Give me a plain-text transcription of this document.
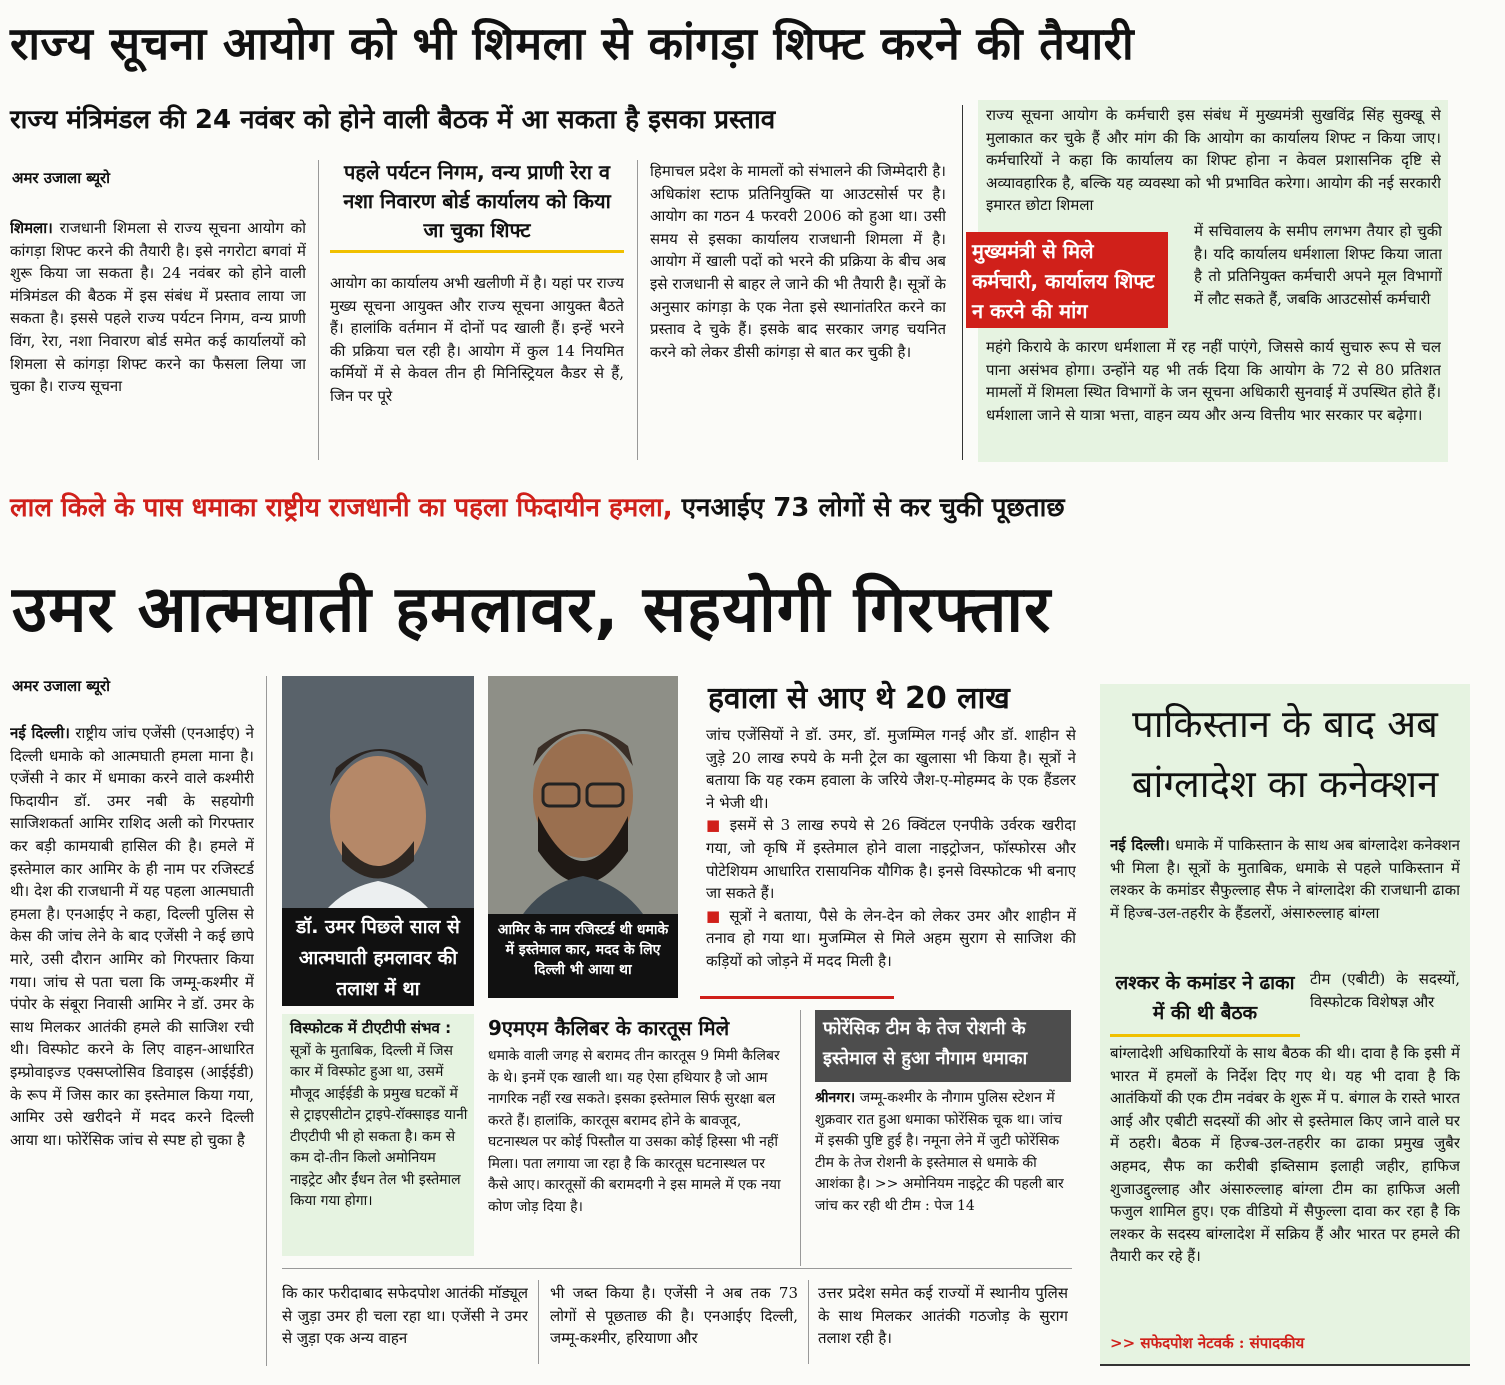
राज्य सूचना आयोग को भी शिमला से कांगड़ा शिफ्ट करने की तैयारी
राज्य मंत्रिमंडल की 24 नवंबर को होने वाली बैठक में आ सकता है इसका प्रस्ताव
अमर उजाला ब्यूरो
शिमला। राजधानी शिमला से राज्य सूचना आयोग को कांगड़ा शिफ्ट करने की तैयारी है। इसे नगरोटा बगवां में शुरू किया जा सकता है। 24 नवंबर को होने वाली मंत्रिमंडल की बैठक में इस संबंध में प्रस्ताव लाया जा सकता है। इससे पहले राज्य पर्यटन निगम, वन्य प्राणी विंग, रेरा, नशा निवारण बोर्ड समेत कई कार्यालयों को शिमला से कांगड़ा शिफ्ट करने का फैसला लिया जा चुका है। राज्य सूचना
पहले पर्यटन निगम, वन्य प्राणी रेरा व नशा निवारण बोर्ड कार्यालय को किया जा चुका शिफ्ट
आयोग का कार्यालय अभी खलीणी में है। यहां पर राज्य मुख्य सूचना आयुक्त और राज्य सूचना आयुक्त बैठते हैं। हालांकि वर्तमान में दोनों पद खाली हैं। इन्हें भरने की प्रक्रिया चल रही है। आयोग में कुल 14 नियमित कर्मियों में से केवल तीन ही मिनिस्ट्रियल कैडर से हैं, जिन पर पूरे
हिमाचल प्रदेश के मामलों को संभालने की जिम्मेदारी है। अधिकांश स्टाफ प्रतिनियुक्ति या आउटसोर्स पर है। आयोग का गठन 4 फरवरी 2006 को हुआ था। उसी समय से इसका कार्यालय राजधानी शिमला में है। आयोग में खाली पदों को भरने की प्रक्रिया के बीच अब इसे राजधानी से बाहर ले जाने की भी तैयारी है। सूत्रों के अनुसार कांगड़ा के एक नेता इसे स्थानांतरित करने का प्रस्ताव दे चुके हैं। इसके बाद सरकार जगह चयनित करने को लेकर डीसी कांगड़ा से बात कर चुकी है।
राज्य सूचना आयोग के कर्मचारी इस संबंध में मुख्यमंत्री सुखविंद्र सिंह सुक्खू से मुलाकात कर चुके हैं और मांग की कि आयोग का कार्यालय शिफ्ट न किया जाए। कर्मचारियों ने कहा कि कार्यालय का शिफ्ट होना न केवल प्रशासनिक दृष्टि से अव्यावहारिक है, बल्कि यह व्यवस्था को भी प्रभावित करेगा। आयोग की नई सरकारी इमारत छोटा शिमला
मुख्यमंत्री से मिले कर्मचारी, कार्यालय शिफ्ट न करने की मांग
में सचिवालय के समीप लगभग तैयार हो चुकी है। यदि कार्यालय धर्मशाला शिफ्ट किया जाता है तो प्रतिनियुक्त कर्मचारी अपने मूल विभागों में लौट सकते हैं, जबकि आउटसोर्स कर्मचारी
महंगे किराये के कारण धर्मशाला में रह नहीं पाएंगे, जिससे कार्य सुचारु रूप से चल पाना असंभव होगा। उन्होंने यह भी तर्क दिया कि आयोग के 72 से 80 प्रतिशत मामलों में शिमला स्थित विभागों के जन सूचना अधिकारी सुनवाई में उपस्थित होते हैं। धर्मशाला जाने से यात्रा भत्ता, वाहन व्यय और अन्य वित्तीय भार सरकार पर बढ़ेगा।
लाल किले के पास धमाका राष्ट्रीय राजधानी का पहला फिदायीन हमला, एनआईए 73 लोगों से कर चुकी पूछताछ
उमर आत्मघाती हमलावर, सहयोगी गिरफ्तार
अमर उजाला ब्यूरो
नई दिल्ली। राष्ट्रीय जांच एजेंसी (एनआईए) ने दिल्ली धमाके को आत्मघाती हमला माना है। एजेंसी ने कार में धमाका करने वाले कश्मीरी फिदायीन डॉ. उमर नबी के सहयोगी साजिशकर्ता आमिर राशिद अली को गिरफ्तार कर बड़ी कामयाबी हासिल की है। हमले में इस्तेमाल कार आमिर के ही नाम पर रजिस्टर्ड थी। देश की राजधानी में यह पहला आत्मघाती हमला है। एनआईए ने कहा, दिल्ली पुलिस से केस की जांच लेने के बाद एजेंसी ने कई छापे मारे, उसी दौरान आमिर को गिरफ्तार किया गया। जांच से पता चला कि जम्मू-कश्मीर में पंपोर के संबूरा निवासी आमिर ने डॉ. उमर के साथ मिलकर आतंकी हमले की साजिश रची थी। विस्फोट करने के लिए वाहन-आधारित इम्प्रोवाइज्ड एक्सप्लोसिव डिवाइस (आईईडी) के रूप में जिस कार का इस्तेमाल किया गया, आमिर उसे खरीदने में मदद करने दिल्ली आया था। फोरेंसिक जांच से स्पष्ट हो चुका है
डॉ. उमर पिछले साल से आत्मघाती हमलावर की तलाश में था
आमिर के नाम रजिस्टर्ड थी धमाके में इस्तेमाल कार, मदद के लिए दिल्ली भी आया था
हवाला से आए थे 20 लाख
जांच एजेंसियों ने डॉ. उमर, डॉ. मुजम्मिल गनई और डॉ. शाहीन से जुड़े 20 लाख रुपये के मनी ट्रेल का खुलासा भी किया है। सूत्रों ने बताया कि यह रकम हवाला के जरिये जैश-ए-मोहम्मद के एक हैंडलर ने भेजी थी।
■ इसमें से 3 लाख रुपये से 26 क्विंटल एनपीके उर्वरक खरीदा गया, जो कृषि में इस्तेमाल होने वाला नाइट्रोजन, फॉस्फोरस और पोटेशियम आधारित रासायनिक यौगिक है। इनसे विस्फोटक भी बनाए जा सकते हैं।
■ सूत्रों ने बताया, पैसे के लेन-देन को लेकर उमर और शाहीन में तनाव हो गया था। मुजम्मिल से मिले अहम सुराग से साजिश की कड़ियों को जोड़ने में मदद मिली है।
विस्फोटक में टीएटीपी संभव : सूत्रों के मुताबिक, दिल्ली में जिस कार में विस्फोट हुआ था, उसमें मौजूद आईईडी के प्रमुख घटकों में से ट्राइएसीटोन ट्राइपे-रॉक्साइड यानी टीएटीपी भी हो सकता है। कम से कम दो-तीन किलो अमोनियम नाइट्रेट और ईंधन तेल भी इस्तेमाल किया गया होगा।
9एमएम कैलिबर के कारतूस मिले
धमाके वाली जगह से बरामद तीन कारतूस 9 मिमी कैलिबर के थे। इनमें एक खाली था। यह ऐसा हथियार है जो आम नागरिक नहीं रख सकते। इसका इस्तेमाल सिर्फ सुरक्षा बल करते हैं। हालांकि, कारतूस बरामद होने के बावजूद, घटनास्थल पर कोई पिस्तौल या उसका कोई हिस्सा भी नहीं मिला। पता लगाया जा रहा है कि कारतूस घटनास्थल पर कैसे आए। कारतूसों की बरामदगी ने इस मामले में एक नया कोण जोड़ दिया है।
फोरेंसिक टीम के तेज रोशनी के इस्तेमाल से हुआ नौगाम धमाका
श्रीनगर। जम्मू-कश्मीर के नौगाम पुलिस स्टेशन में शुक्रवार रात हुआ धमाका फोरेंसिक चूक था। जांच में इसकी पुष्टि हुई है। नमूना लेने में जुटी फोरेंसिक टीम के तेज रोशनी के इस्तेमाल से धमाके की आशंका है। >> अमोनियम नाइट्रेट की पहली बार जांच कर रही थी टीम : पेज 14
कि कार फरीदाबाद सफेदपोश आतंकी मॉड्यूल से जुड़ा उमर ही चला रहा था। एजेंसी ने उमर से जुड़ा एक अन्य वाहन
भी जब्त किया है। एजेंसी ने अब तक 73 लोगों से पूछताछ की है। एनआईए दिल्ली, जम्मू-कश्मीर, हरियाणा और
उत्तर प्रदेश समेत कई राज्यों में स्थानीय पुलिस के साथ मिलकर आतंकी गठजोड़ के सुराग तलाश रही है।
पाकिस्तान के बाद अब बांग्लादेश का कनेक्शन
नई दिल्ली। धमाके में पाकिस्तान के साथ अब बांग्लादेश कनेक्शन भी मिला है। सूत्रों के मुताबिक, धमाके से पहले पाकिस्तान में लश्कर के कमांडर सैफुल्लाह सैफ ने बांग्लादेश की राजधानी ढाका में हिज्ब-उल-तहरीर के हैंडलरों, अंसारुल्लाह बांग्ला
लश्कर के कमांडर ने ढाका में की थी बैठक
टीम (एबीटी) के सदस्यों, विस्फोटक विशेषज्ञ और
बांग्लादेशी अधिकारियों के साथ बैठक की थी। दावा है कि इसी में भारत में हमलों के निर्देश दिए गए थे। यह भी दावा है कि आतंकियों की एक टीम नवंबर के शुरू में प. बंगाल के रास्ते भारत आई और एबीटी सदस्यों की ओर से इस्तेमाल किए जाने वाले घर में ठहरी। बैठक में हिज्ब-उल-तहरीर का ढाका प्रमुख जुबैर अहमद, सैफ का करीबी इब्तिसाम इलाही जहीर, हाफिज शुजाउद्दुल्लाह और अंसारुल्लाह बांग्ला टीम का हाफिज अली फजुल शामिल हुए। एक वीडियो में सैफुल्ला दावा कर रहा है कि लश्कर के सदस्य बांग्लादेश में सक्रिय हैं और भारत पर हमले की तैयारी कर रहे हैं।
>> सफेदपोश नेटवर्क : संपादकीय
